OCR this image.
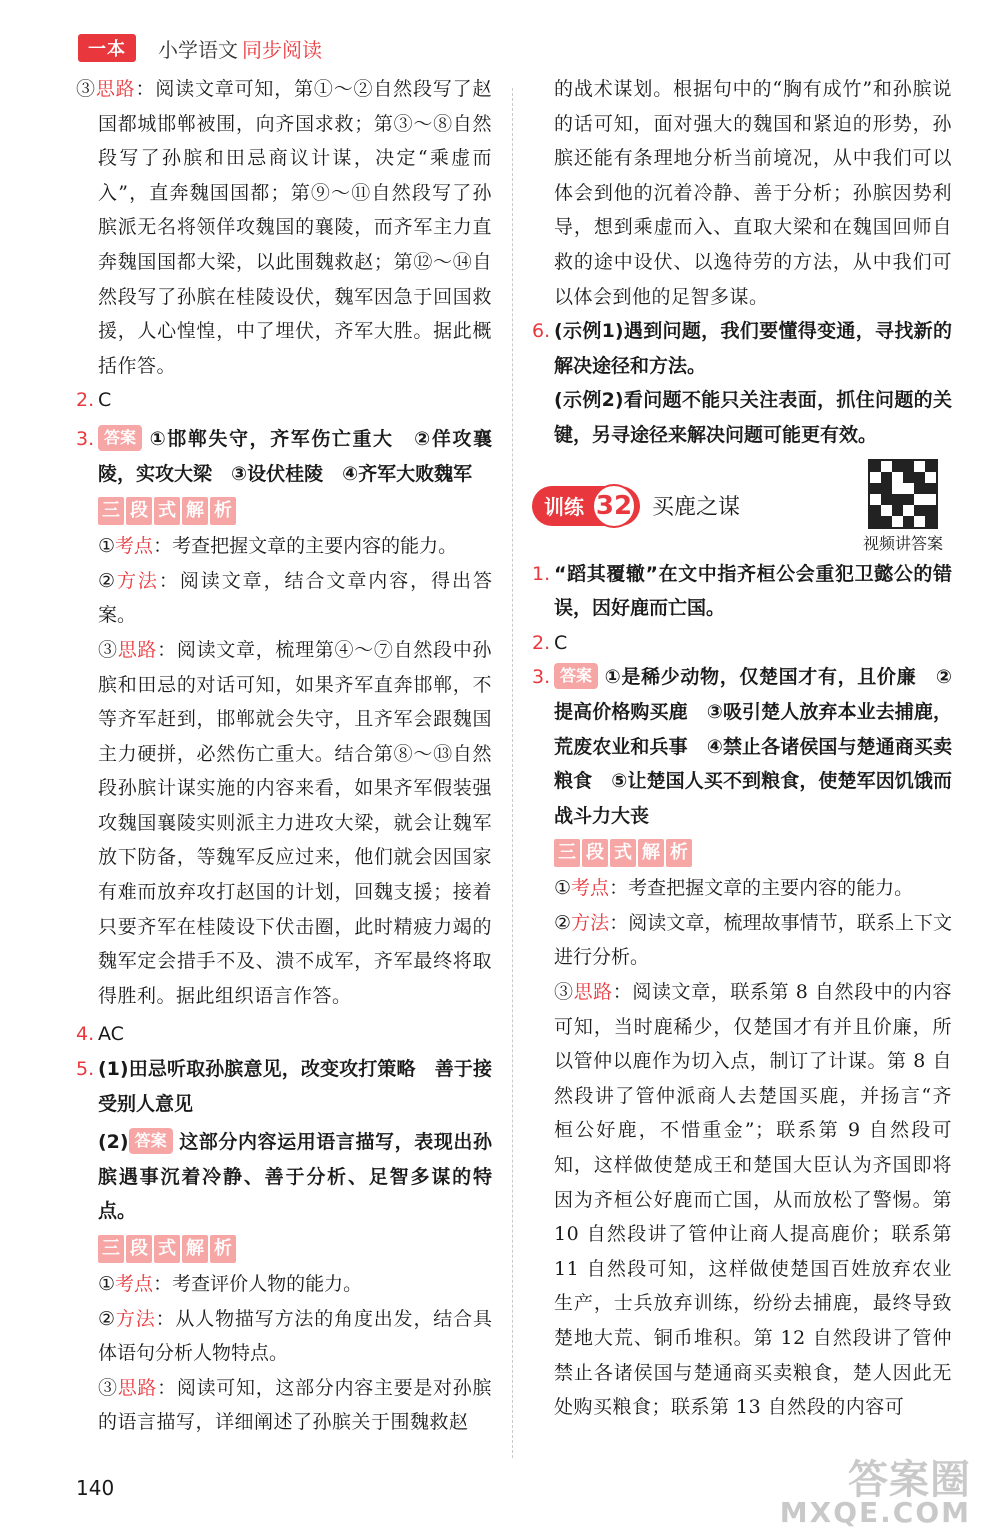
一本	小学语文 同步阅读

③思路：阅读文章可知，第①～②自然段写了赵国都城邯郸被围，向齐国求救；第③～⑧自然段写了孙膑和田忌商议计谋，决定“乘虚而入”，直奔魏国国都；第⑨～⑪自然段写了孙膑派无名将领佯攻魏国的襄陵，而齐军主力直奔魏国国都大梁，以此围魏救赵；第⑫～⑭自然段写了孙膑在桂陵设伏，魏军因急于回国救援，人心惶惶，中了埋伏，齐军大胜。据此概括作答。

2. C

3. 答案 ①邯郸失守，齐军伤亡重大　②佯攻襄陵，实攻大梁　③设伏桂陵　④齐军大败魏军

三 段 式 解 析

①考点：考查把握文章的主要内容的能力。

②方法：阅读文章，结合文章内容，得出答案。

③思路：阅读文章，梳理第④～⑦自然段中孙膑和田忌的对话可知，如果齐军直奔邯郸，不等齐军赶到，邯郸就会失守，且齐军会跟魏国主力硬拼，必然伤亡重大。结合第⑧～⑬自然段孙膑计谋实施的内容来看，如果齐军假装强攻魏国襄陵实则派主力进攻大梁，就会让魏军放下防备，等魏军反应过来，他们就会因国家有难而放弃攻打赵国的计划，回魏支援；接着只要齐军在桂陵设下伏击圈，此时精疲力竭的魏军定会措手不及、溃不成军，齐军最终将取得胜利。据此组织语言作答。

4. AC

5. (1)田忌听取孙膑意见，改变攻打策略　善于接受别人意见

(2) 答案 这部分内容运用语言描写，表现出孙膑遇事沉着冷静、善于分析、足智多谋的特点。

三 段 式 解 析

①考点：考查评价人物的能力。

②方法：从人物描写方法的角度出发，结合具体语句分析人物特点。

③思路：阅读可知，这部分内容主要是对孙膑的语言描写，详细阐述了孙膑关于围魏救赵

的战术谋划。根据句中的“胸有成竹”和孙膑说的话可知，面对强大的魏国和紧迫的形势，孙膑还能有条理地分析当前境况，从中我们可以体会到他的沉着冷静、善于分析；孙膑因势利导，想到乘虚而入、直取大梁和在魏国回师自救的途中设伏、以逸待劳的方法，从中我们可以体会到他的足智多谋。

6. (示例1)遇到问题，我们要懂得变通，寻找新的解决途径和方法。

(示例2)看问题不能只关注表面，抓住问题的关键，另寻途径来解决问题可能更有效。

训练 32 买鹿之谋
视频讲答案

1. “蹈其覆辙”在文中指齐桓公会重犯卫懿公的错误，因好鹿而亡国。

2. C

3. 答案 ①是稀少动物，仅楚国才有，且价廉　②提高价格购买鹿　③吸引楚人放弃本业去捕鹿，荒废农业和兵事　④禁止各诸侯国与楚通商买卖粮食　⑤让楚国人买不到粮食，使楚军因饥饿而战斗力大丧

三 段 式 解 析

①考点：考查把握文章的主要内容的能力。

②方法：阅读文章，梳理故事情节，联系上下文进行分析。

③思路：阅读文章，联系第 8 自然段中的内容可知，当时鹿稀少，仅楚国才有并且价廉，所以管仲以鹿作为切入点，制订了计谋。第 8 自然段讲了管仲派商人去楚国买鹿，并扬言“齐桓公好鹿，不惜重金”；联系第 9 自然段可知，这样做使楚成王和楚国大臣认为齐国即将因为齐桓公好鹿而亡国，从而放松了警惕。第 10 自然段讲了管仲让商人提高鹿价；联系第 11 自然段可知，这样做使楚国百姓放弃农业生产，士兵放弃训练，纷纷去捕鹿，最终导致楚地大荒、铜币堆积。第 12 自然段讲了管仲禁止各诸侯国与楚通商买卖粮食，楚人因此无处购买粮食；联系第 13 自然段的内容可

140	答案圈
MXQE.COM
